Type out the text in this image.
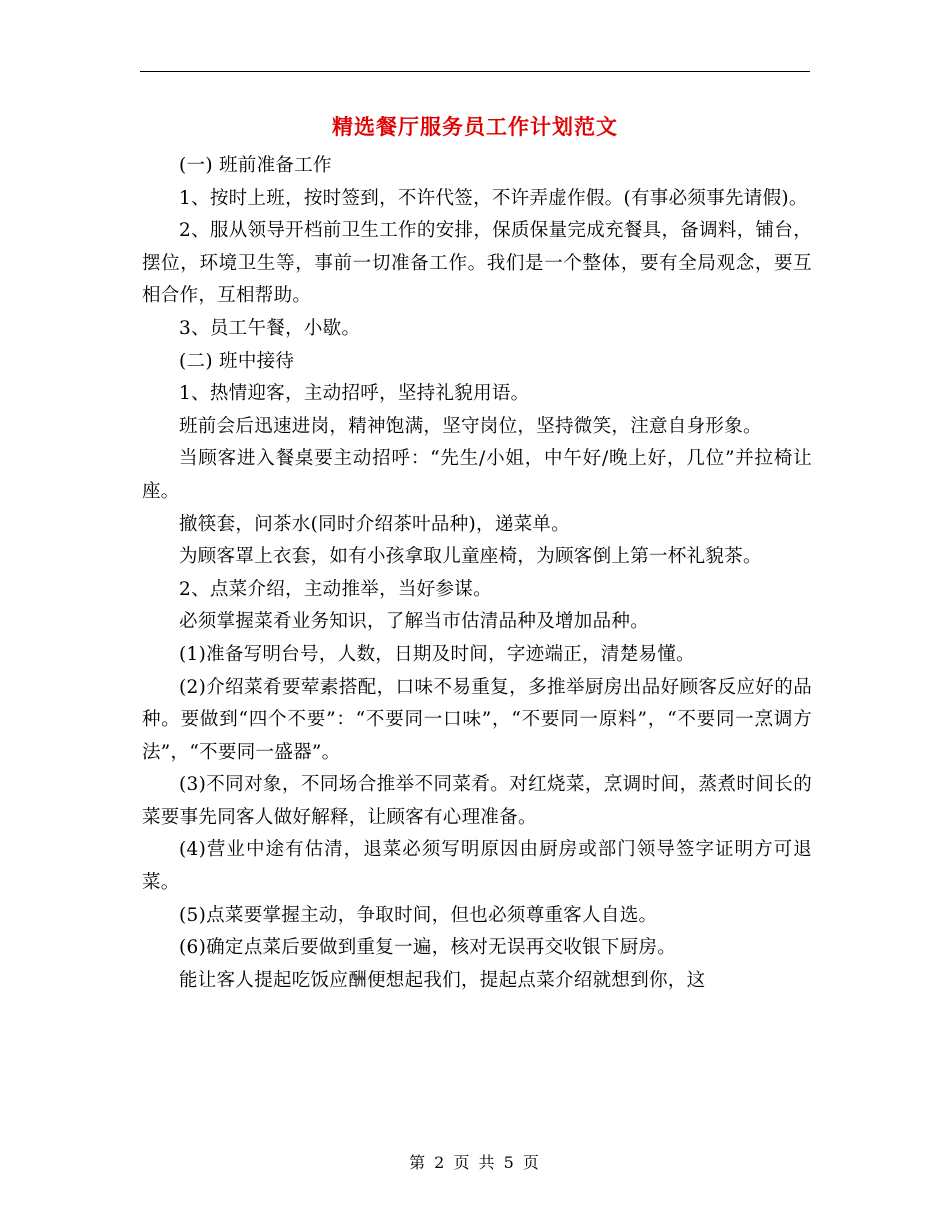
精选餐厅服务员工作计划范文

(一) 班前准备工作

1、按时上班，按时签到，不许代签，不许弄虚作假。(有事必须事先请假)。

2、服从领导开档前卫生工作的安排，保质保量完成充餐具，备调料，铺台，摆位，环境卫生等，事前一切准备工作。我们是一个整体，要有全局观念，要互相合作，互相帮助。

3、员工午餐，小歇。

(二) 班中接待

1、热情迎客，主动招呼，坚持礼貌用语。

班前会后迅速进岗，精神饱满，坚守岗位，坚持微笑，注意自身形象。

当顾客进入餐桌要主动招呼：“先生/小姐，中午好/晚上好，几位”并拉椅让座。

撤筷套，问茶水(同时介绍茶叶品种)，递菜单。

为顾客罩上衣套，如有小孩拿取儿童座椅，为顾客倒上第一杯礼貌茶。

2、点菜介绍，主动推举，当好参谋。

必须掌握菜肴业务知识，了解当市估清品种及增加品种。

(1)准备写明台号，人数，日期及时间，字迹端正，清楚易懂。

(2)介绍菜肴要荤素搭配，口味不易重复，多推举厨房出品好顾客反应好的品种。要做到“四个不要”：“不要同一口味”，“不要同一原料”，“不要同一烹调方法”，“不要同一盛器”。

(3)不同对象，不同场合推举不同菜肴。对红烧菜，烹调时间，蒸煮时间长的菜要事先同客人做好解释，让顾客有心理准备。

(4)营业中途有估清，退菜必须写明原因由厨房或部门领导签字证明方可退菜。

(5)点菜要掌握主动，争取时间，但也必须尊重客人自选。

(6)确定点菜后要做到重复一遍，核对无误再交收银下厨房。

能让客人提起吃饭应酬便想起我们，提起点菜介绍就想到你，这

第 2 页 共 5 页
